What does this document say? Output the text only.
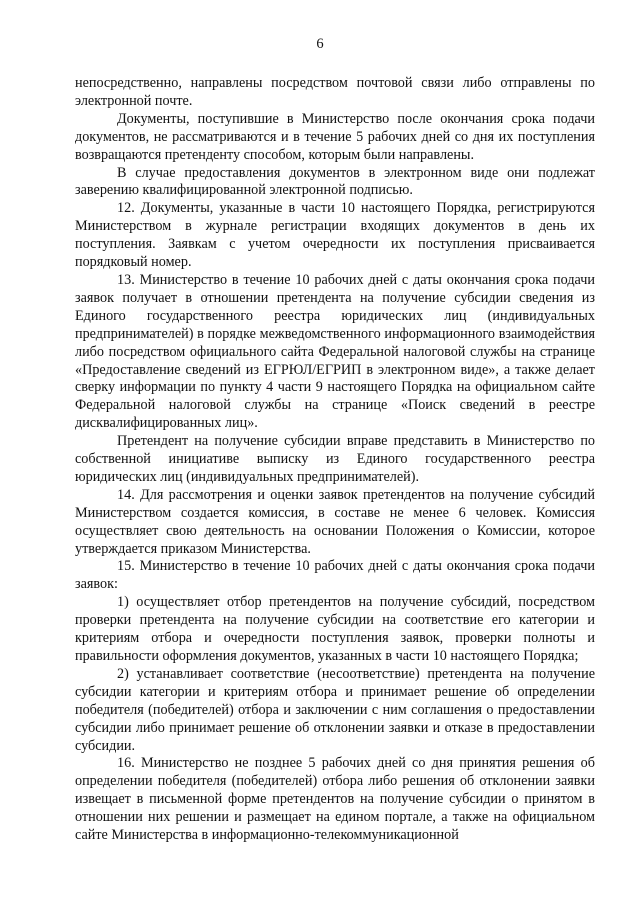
6

непосредственно, направлены посредством почтовой связи либо отправлены по электронной почте.

Документы, поступившие в Министерство после окончания срока подачи документов, не рассматриваются и в течение 5 рабочих дней со дня их поступления возвращаются претенденту способом, которым были направлены.

В случае предоставления документов в электронном виде они подлежат заверению квалифицированной электронной подписью.

12. Документы, указанные в части 10 настоящего Порядка, регистрируются Министерством в журнале регистрации входящих документов в день их поступления. Заявкам с учетом очередности их поступления присваивается порядковый номер.

13. Министерство в течение 10 рабочих дней с даты окончания срока подачи заявок получает в отношении претендента на получение субсидии сведения из Единого государственного реестра юридических лиц (индивидуальных предпринимателей) в порядке межведомственного информационного взаимодействия либо посредством официального сайта Федеральной налоговой службы на странице «Предоставление сведений из ЕГРЮЛ/ЕГРИП в электронном виде», а также делает сверку информации по пункту 4 части 9 настоящего Порядка на официальном сайте Федеральной налоговой службы на странице «Поиск сведений в реестре дисквалифицированных лиц».

Претендент на получение субсидии вправе представить в Министерство по собственной инициативе выписку из Единого государственного реестра юридических лиц (индивидуальных предпринимателей).

14. Для рассмотрения и оценки заявок претендентов на получение субсидий Министерством создается комиссия, в составе не менее 6 человек. Комиссия осуществляет свою деятельность на основании Положения о Комиссии, которое утверждается приказом Министерства.

15. Министерство в течение 10 рабочих дней с даты окончания срока подачи заявок:

1) осуществляет отбор претендентов на получение субсидий, посредством проверки претендента на получение субсидии на соответствие его категории и критериям отбора и очередности поступления заявок, проверки полноты и правильности оформления документов, указанных в части 10 настоящего Порядка;

2) устанавливает соответствие (несоответствие) претендента на получение субсидии категории и критериям отбора и принимает решение об определении победителя (победителей) отбора и заключении с ним соглашения о предоставлении субсидии либо принимает решение об отклонении заявки и отказе в предоставлении субсидии.

16. Министерство не позднее 5 рабочих дней со дня принятия решения об определении победителя (победителей) отбора либо решения об отклонении заявки извещает в письменной форме претендентов на получение субсидии о принятом в отношении них решении и размещает на едином портале, а также на официальном сайте Министерства в информационно-телекоммуникационной
